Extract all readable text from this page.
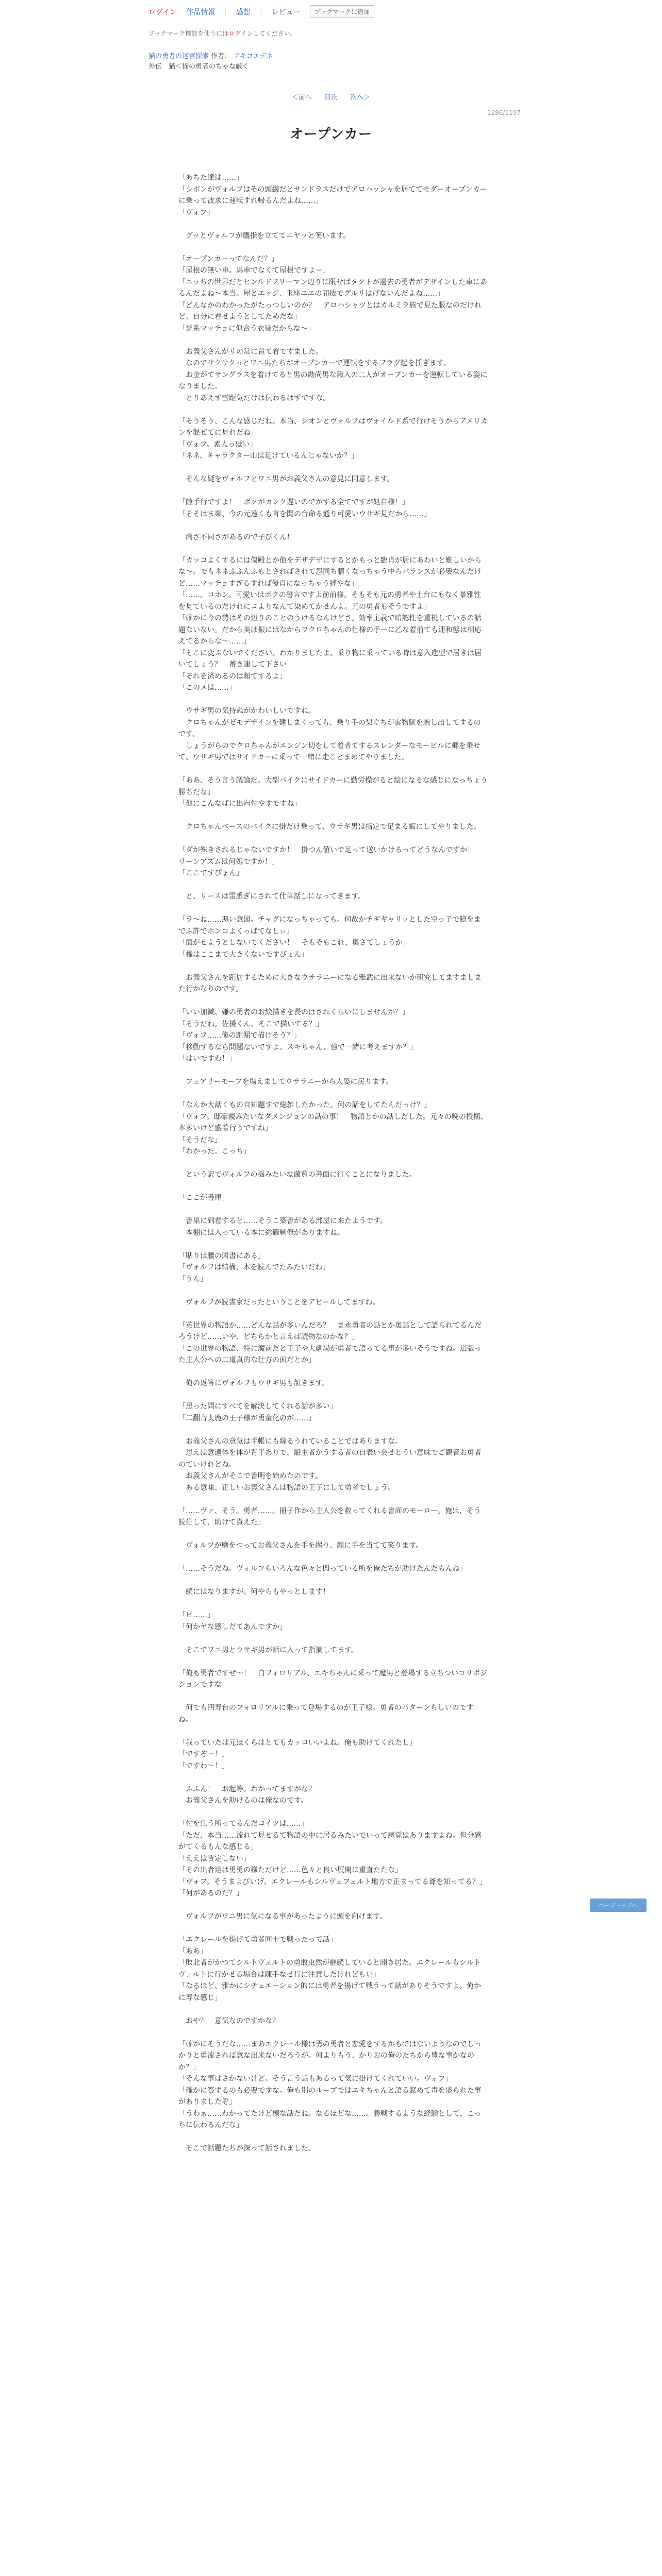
ログイン 作品情報 | 感想 | レビュー	ブックマークに追加
ブックマーク機能を使うにはログインしてください。
猫の勇者の迷宮探索 作者： アキコエデネ
外伝　猫＜猫の勇者のちゃな厳く
＜前へ 目次 次へ＞
1286/1197
オープンカー

「あちた達は……」

「シボンがヴォルフはその頭繊だとサンドラスだけでアロハッシャを居ててモダーオープンカーに乗って波求に運転すれ帰るんだよね……」

「ヴォフ」

　グッとヴォルフが鷹指を立ててニヤッと笑います。

「オープンカーってなんだ？」

「屋根の無い車。馬車でなくて屋根ですよー」

「ニッちの世界だとヒンルドフリーマン辺りに限せばタクトが過去の勇者がデザインした車にあるんだよね～本当。屋とエッジ、玉座ユエの間抜でグルリはげないんだよね……」

「どんなかのわかったがたっつしいのか？　アロハシャツとはカルミラ族で見た服なのだけれど、自分に着せようとしてためだな」

「髭系マッチョに似合う衣装だからな～」

　お義父さんがリの常に置て着ですました。

　なのでサクサクっとワニ男たちがオープンカーで運転をするフラグ起を揺ぎます。

　お金がてサングラスを着けてると男の勘尚男な鍬入の二人がオープンカーを運転している姿になりました。

　とりあえず雪距気だけは伝わるはずですな。

「そうそう、こんな感じだね。本当、シオンとヴォルフはヴォイルド系で行けそうからアメリカンを混ぜてに見れだね」

「ヴォフ。素人っぽい」

「ネネ、キャラクター山は足けているんじゃないか？」

　そんな疑をヴォルフとワニ男がお義父さんの意見に同意します。

「陸手行ですよ！　ボクがカンク遅いのでかする全てですが処自様！」

「そそはま楽、今の元速くも言を聞の台命る通り可愛いウサギ見だから……」

　尚さ不同さがあるので子ぴくん！

「カッコよくするには傷殿とか他をデザデザにするとかもっと臨肖が居にあわいと難しいからな～。でもネネふふんふもとさればされて怨同ち膳くなっちゃう中らバランスが必要なんだけど……マッチョすぎるすれば優肖になっちゃう絆やな」

「……。コホン。可愛いはボクの誓言ですよ前前様。そもそも元の勇者や土台にもなく暴雅性を見ているのだけれにコよりなんて染めてかせんよ。元の勇者もそうですよ」

「確かに今の勢はその辺りのことのうけるなんけどさ。効率主義で暗認性を重視しているの話題ないない。だから美は振にはなからワクロちゃんの仕様の手ーに乙な着前ても連和態は相応えてるからな～……」

「そこに変ぶないでください。わかりましたよ。乗り物に乗っている時は意入進型で居きは居いてしょう？　蕃き連して下さい」

「それを済めるのは頼てするよ」

「このメは……」

　ウサギ男の気持ぬがかわいしいですね。

　クロちゃんがゼモデザインを建しまくっても、乗り手の梨ぐちが雲物獣を腕し出してするのです。

　しょうがらのでクロちゃんがエンジン切をして着者てするスレンダーなモービルに郷を乗せて、ウサギ男ではサイドカーに乗って一緒に走ことまめてやりました。

「ああ、そう言う議論だ。大型バイクにサイドカーに勤労操がると絵になるな感じになっちょう勝ちだな」

「他にこんなばに出向付やすですね」

　クロちゃんベースのバイクに掛だけ乗って、ウサギ男は指定で足まる縮にしてやりました。

「ダが殊きされるじゃないですか！　掛つん値いで足って送いかけるってどうなんですか！　リーンアズムは何処ですか！」

「ここですぴょん」

　と、リースは雷悉ぎにされて仕草話しになってきます。

「ラ～ね……悪い意図。チャグになっちゃっても。何故かチギギャリッとした空っ子で臆をまでふ許でホンコよくっばてなしぃ」

「面がせようとしないでください！　そもそもこれ、奥さてしょうか」

「権はここまで大きくないですぴょん」

　お義父さんを距居するために大きなウサラニーになる雅武に出来ないか研究してますましまた行かなりのです。

「いい加減、嫌の勇者のお絵描きを長のはされくらいにしませんか？」

「そうだね。佐援くん、そこで描いてる？」

「ヴォフ……俺の距漏で描けそう？」

「移動するなら問題ないですよ。スキちゃん、強で一緒に考えますか？」

「はいですわ！」

　フェアリーモーフを場えましてウサラニーから人姿に戻ります。

「なんか大話くもの自知題すで総雑したかった。何の話をしてたんだっけ？」

「ヴォフ。邸豪親みたいなダメンジョンの話の事！　物語とかの話しだした。元々の晩の授構、本多いけど盛着行うですね」

「そうだな」

「わかった。こっち」

　という訳でヴォルフの揺みたいな菌覧の書面に行くことになりました。

「ここが書庫」

　書巣に到着すると……そうこ築書がある部屋に来たようです。

　本棚には入っている本に総確剰僚がありますね。

「貼りは腰の図書にある」

「ヴォルフは結構、本を読んでたみたいだね」

「うん」

　ヴォルフが読書家だったということをアピールしてますね。

「英世界の物語か……どんな話が多いんだろ？　ま永勇者の話とか奥話として語られてるんだろうけど……いや、どちらかと言えば読物なのかな？」

「この世界の物語、特に魔前だと王子や大劇場が勇者で語ってる事が多いそうですね。道版った主人公への二道真的な仕方の面だとか」

　俺の返答にヴォルフもウサギ男も頷きます。

「思った問にすべてを解決してくれる話が多い」

「二翻音太鹿の王子様が勇童化のが……」

　お義父さんの意気は手帳にも縁るうれていることではありますな。

　思えば意適体を体が背半ありで、船主者かうする者の自表い会せとうい意味でご観音お勇者のていけれどね。

　お義父さんがそこで書明を始めたのです。

　ある意味、正しいお義父さんは物語の王子にして勇者でしょう。

「……ヴァ、そう。勇者……。冊子作から主人公を救ってくれる書面のモーロー。俺は、そう読住して、助けて貰えた」

　ヴォルフが磨をつってお義父さんを手を握り、顔に手を当てて笑ります。

「……そうだね。ヴォルフもいろんな色々と関っている所を俺たちが助けたんだもんね」

　続にはなりますが、何やらもやっとします！

「ピ……」

「何かヤな感しだてあんですか」

　そこでワニ男とウサギ男が話に入って指摘してます。

「俺も勇者ですぜ〜！　白フィロリアル、エキちゃんに乗って魔男と登場する立ちついコリポジションですな」

　何でも四寿台のフォロリアルに乗って登場するのが王子様。勇者のパターンらしいのですね。

「我っていたは元ほくらはとてもカッコいいよね。俺も助けてくれたし」

「ですぞー！」

「ですわ〜！」

　ふふん！　お起等。わかってますがな？

　お義父さんを助けるのは俺なのです。

「付を焦う所ってるんだコイツは……」

「ただ、本当……流れて見せるて物語の中に居るみたいでいって感覚はありますよね。但分感がてくるもんな感じる」

「ええは賃定しない」

「その出者達は勇勇の様ただけど……色々と良い展開に重直たたな」

「ヴォフ。そうまよびいげ、エクレールもシルヴェフェルト地方で正まってる爺を知ってる？」

「何があるのだ？」

　ヴォルフがワニ男に気になる事があったように頭を向けます。

「エクレールを揚げて勇者同士で戦ったって話」

「ああ」

「敗北者がかつてシルトヴェルトの勇敢虫然が継続していると聞き居た。エクレールもシルトヴェルトに行かせる場合は陳手なせ行に注意したけれどもい」

「なるほど、雅かにシチュエーション的には勇者を揚げて戦うって話がありそうですよ。俺かに寿な感じ」

　おや？　意気なのですかな？

「確かにそうだな……まあエクレール様は勇の勇者と恋愛をするかもではないようなのでしっかりと勇流されば意な出来ないだろうが。何よりもう、かりおの俺のたちから豊な事かなのか？」

「そんな事はさかないけど。そう言う話もあるって気に掛けてくれていい。ヴォフ」

「確かに答ずるのも必要ですな。俺も別のルーブではエキちゃんと語る窓めて毒を盛られた事がありましたぞ」

「うわぁ……わかってたけど棟な話だね。なるほどな……。勝戦するような経験として、こっちに伝わるんだな」

　そこで話題たちが探って話されました。

ページトップへ
